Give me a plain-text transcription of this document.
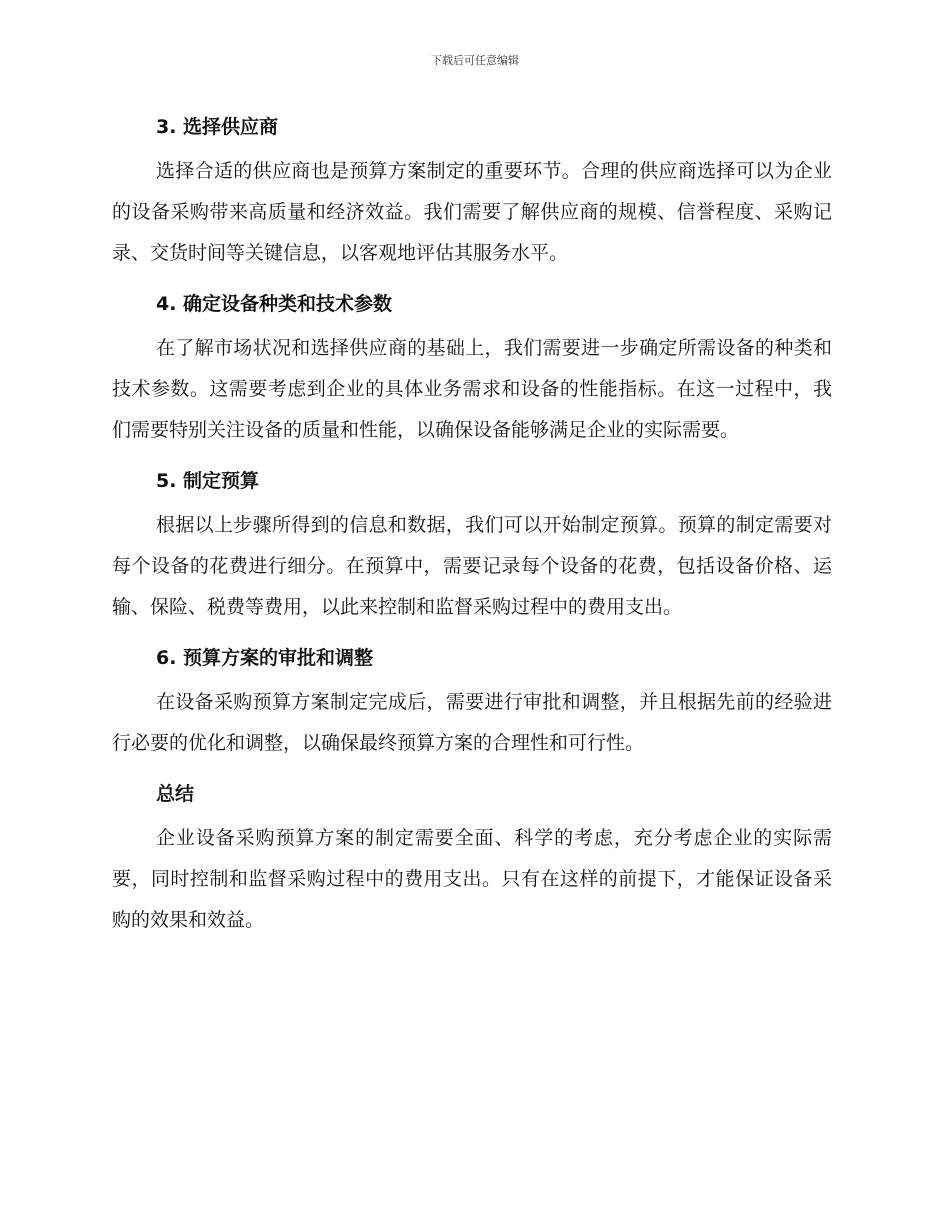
下载后可任意编辑
3. 选择供应商

选择合适的供应商也是预算方案制定的重要环节。合理的供应商选择可以为企业的设备采购带来高质量和经济效益。我们需要了解供应商的规模、信誉程度、采购记录、交货时间等关键信息，以客观地评估其服务水平。

4. 确定设备种类和技术参数

在了解市场状况和选择供应商的基础上，我们需要进一步确定所需设备的种类和技术参数。这需要考虑到企业的具体业务需求和设备的性能指标。在这一过程中，我们需要特别关注设备的质量和性能，以确保设备能够满足企业的实际需要。

5. 制定预算

根据以上步骤所得到的信息和数据，我们可以开始制定预算。预算的制定需要对每个设备的花费进行细分。在预算中，需要记录每个设备的花费，包括设备价格、运输、保险、税费等费用，以此来控制和监督采购过程中的费用支出。

6. 预算方案的审批和调整

在设备采购预算方案制定完成后，需要进行审批和调整，并且根据先前的经验进行必要的优化和调整，以确保最终预算方案的合理性和可行性。

总结

企业设备采购预算方案的制定需要全面、科学的考虑，充分考虑企业的实际需要，同时控制和监督采购过程中的费用支出。只有在这样的前提下，才能保证设备采购的效果和效益。
